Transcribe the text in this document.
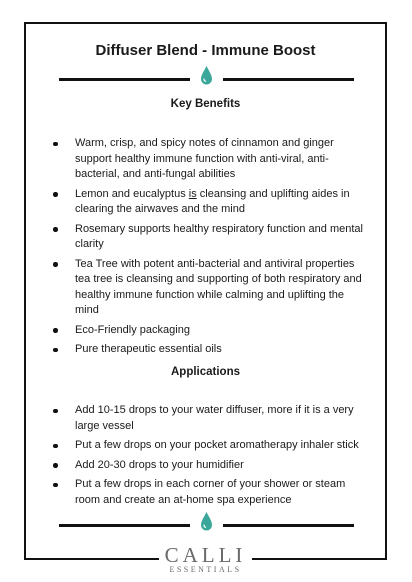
Diffuser Blend - Immune Boost
Key Benefits
Warm, crisp, and spicy notes of cinnamon and ginger support healthy immune function with anti-viral, anti-bacterial, and anti-fungal abilities
Lemon and eucalyptus is cleansing and uplifting aides in clearing the airwaves and the mind
Rosemary supports healthy respiratory function and mental clarity
Tea Tree with potent anti-bacterial and antiviral properties tea tree is cleansing and supporting of both respiratory and healthy immune function while calming and uplifting the mind
Eco-Friendly packaging
Pure therapeutic essential oils
Applications
Add 10-15 drops to your water diffuser, more if it is a very large vessel
Put a few drops on your pocket aromatherapy inhaler stick
Add 20-30 drops to your humidifier
Put a few drops in each corner of your shower or steam room and create an at-home spa experience
CALLI
ESSENTIALS
